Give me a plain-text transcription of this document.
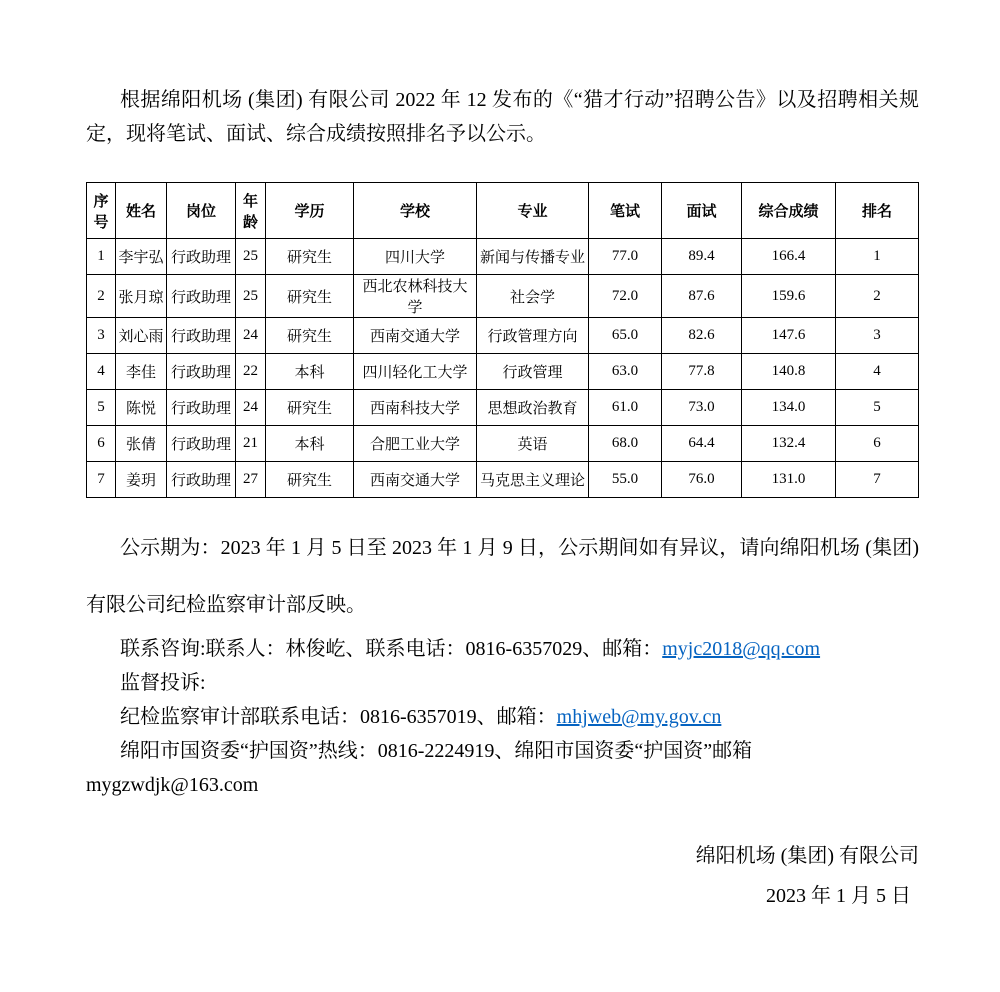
根据绵阳机场 (集团) 有限公司 2022 年 12 发布的《“猎才行动”招聘公告》以及招聘相关规定，现将笔试、面试、综合成绩按照排名予以公示。
序号	姓名	岗位	年龄	学历	学校	专业	笔试	面试	综合成绩	排名
1	李宇弘	行政助理	25	研究生	四川大学	新闻与传播专业	77.0	89.4	166.4	1
2	张月琼	行政助理	25	研究生	西北农林科技大学	社会学	72.0	87.6	159.6	2
3	刘心雨	行政助理	24	研究生	西南交通大学	行政管理方向	65.0	82.6	147.6	3
4	李佳	行政助理	22	本科	四川轻化工大学	行政管理	63.0	77.8	140.8	4
5	陈悦	行政助理	24	研究生	西南科技大学	思想政治教育	61.0	73.0	134.0	5
6	张倩	行政助理	21	本科	合肥工业大学	英语	68.0	64.4	132.4	6
7	姜玥	行政助理	27	研究生	西南交通大学	马克思主义理论	55.0	76.0	131.0	7
公示期为：2023 年 1 月 5 日至 2023 年 1 月 9 日，公示期间如有异议，请向绵阳机场 (集团) 有限公司纪检监察审计部反映。
联系咨询:联系人：林俊屹、联系电话：0816-6357029、邮箱：myjc2018@qq.com
监督投诉:
纪检监察审计部联系电话：0816-6357019、邮箱：mhjweb@my.gov.cn
绵阳市国资委“护国资”热线：0816-2224919、绵阳市国资委“护国资”邮箱 mygzwdjk@163.com
绵阳机场 (集团) 有限公司
2023 年 1 月 5 日
